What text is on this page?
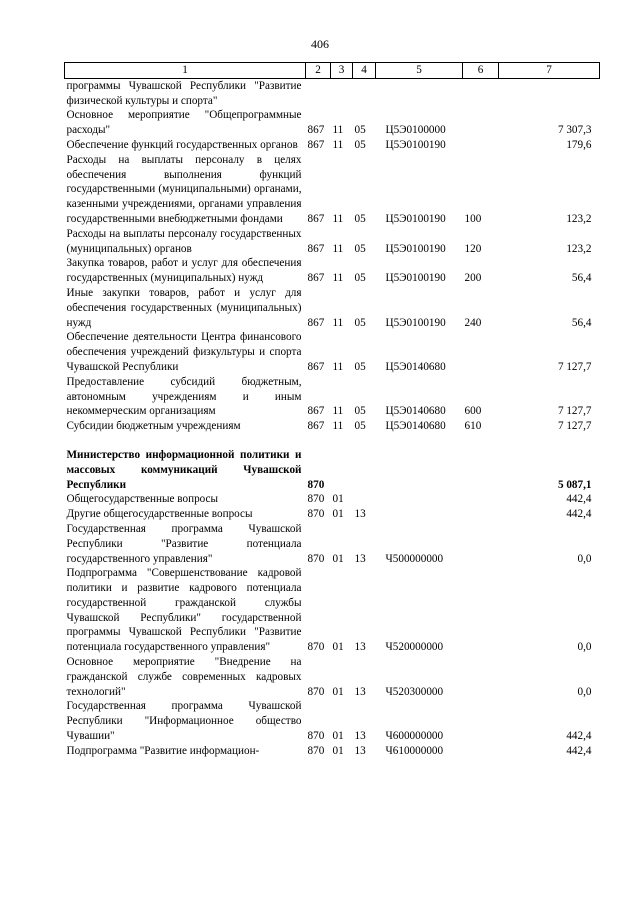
406
1	2	3	4	5	6	7
программы Чувашской Республики "Развитие физической культуры и спорта"						
Основное мероприятие "Общепрограммные расходы"	867	11	05	Ц5Э0100000		7 307,3
Обеспечение функций государственных органов	867	11	05	Ц5Э0100190		179,6
Расходы на выплаты персоналу в целях обеспечения выполнения функций государственными (муниципальными) органами, казенными учреждениями, органами управления государственными внебюджетными фондами	867	11	05	Ц5Э0100190	100	123,2
Расходы на выплаты персоналу государственных (муниципальных) органов	867	11	05	Ц5Э0100190	120	123,2
Закупка товаров, работ и услуг для обеспечения государственных (муниципальных) нужд	867	11	05	Ц5Э0100190	200	56,4
Иные закупки товаров, работ и услуг для обеспечения государственных (муниципальных) нужд	867	11	05	Ц5Э0100190	240	56,4
Обеспечение деятельности Центра финансового обеспечения учреждений физкультуры и спорта Чувашской Республики	867	11	05	Ц5Э0140680		7 127,7
Предоставление субсидий бюджетным, автономным учреждениям и иным некоммерческим организациям	867	11	05	Ц5Э0140680	600	7 127,7
Субсидии бюджетным учреждениям	867	11	05	Ц5Э0140680	610	7 127,7

Министерство информационной политики и массовых коммуникаций Чувашской Республики	870					5 087,1
Общегосударственные вопросы	870	01				442,4
Другие общегосударственные вопросы	870	01	13			442,4
Государственная программа Чувашской Республики "Развитие потенциала государственного управления"	870	01	13	Ч500000000		0,0
Подпрограмма "Совершенствование кадровой политики и развитие кадрового потенциала государственной гражданской службы Чувашской Республики" государственной программы Чувашской Республики "Развитие потенциала государственного управления"	870	01	13	Ч520000000		0,0
Основное мероприятие "Внедрение на гражданской службе современных кадровых технологий"	870	01	13	Ч520300000		0,0
Государственная программа Чувашской Республики "Информационное общество Чувашии"	870	01	13	Ч600000000		442,4
Подпрограмма "Развитие информацион-	870	01	13	Ч610000000		442,4
